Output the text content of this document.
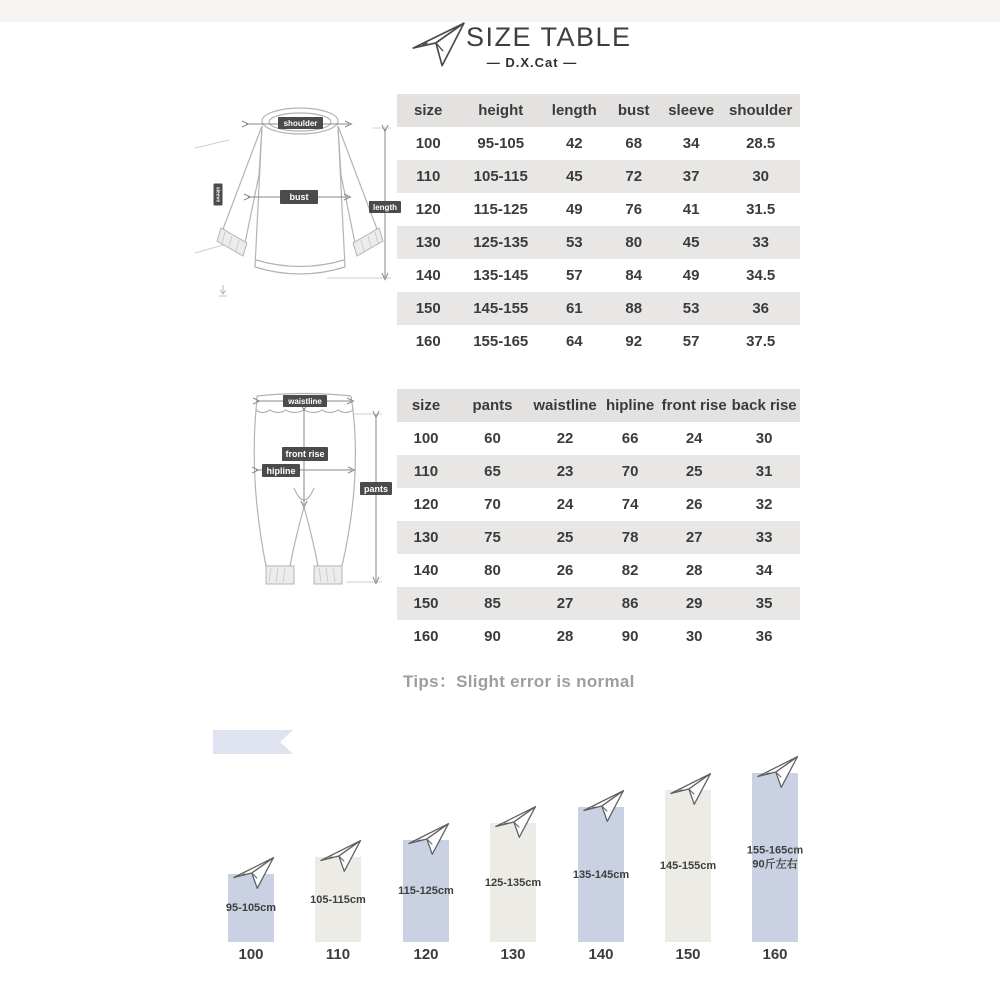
SIZE TABLE
— D.X.Cat —
shoulder
bust
length
sleeve
size	height	length	bust	sleeve	shoulder
100	95-105	42	68	34	28.5
110	105-115	45	72	37	30
120	115-125	49	76	41	31.5
130	125-135	53	80	45	33
140	135-145	57	84	49	34.5
150	145-155	61	88	53	36
160	155-165	64	92	57	37.5
waistline
front rise
hipline
pants
size	pants	waistline	hipline	front rise	back rise
100	60	22	66	24	30
110	65	23	70	25	31
120	70	24	74	26	32
130	75	25	78	27	33
140	80	26	82	28	34
150	85	27	86	29	35
160	90	28	90	30	36
Tips：Slight error is normal
95-105cm
100
105-115cm
110
115-125cm
120
125-135cm
130
135-145cm
140
145-155cm
150
155-165cm
90斤左右
160
